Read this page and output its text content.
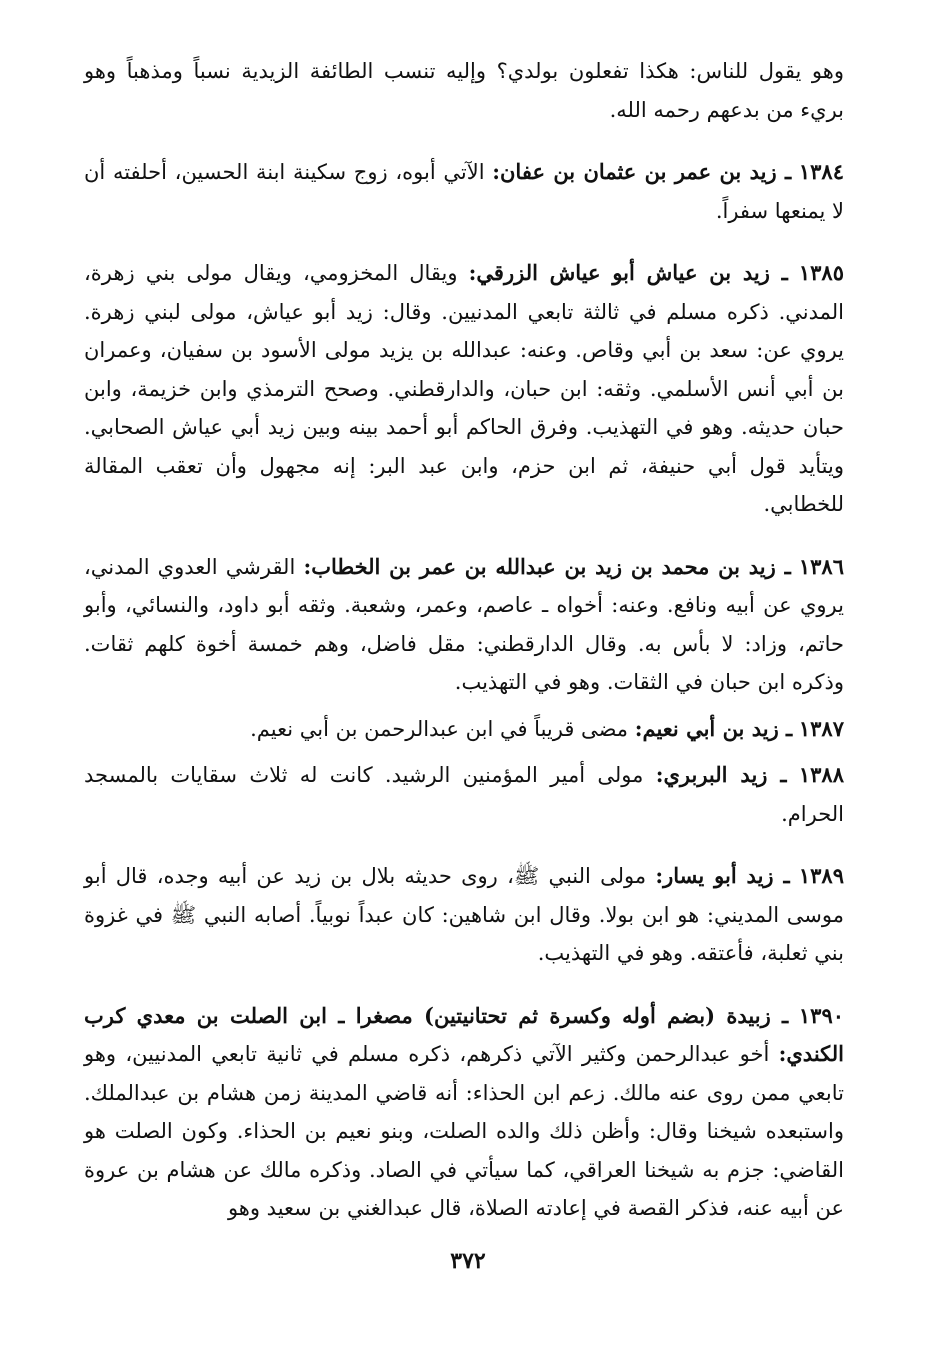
وهو يقول للناس: هكذا تفعلون بولدي؟ وإليه تنسب الطائفة الزيدية نسباً ومذهباً وهو بريء من بدعهم رحمه الله.

١٣٨٤ ـ زيد بن عمر بن عثمان بن عفان: الآتي أبوه، زوج سكينة ابنة الحسين، أحلفته أن لا يمنعها سفراً.

١٣٨٥ ـ زيد بن عياش أبو عياش الزرقي: ويقال المخزومي، ويقال مولى بني زهرة، المدني. ذكره مسلم في ثالثة تابعي المدنيين. وقال: زيد أبو عياش، مولى لبني زهرة. يروي عن: سعد بن أبي وقاص. وعنه: عبدالله بن يزيد مولى الأسود بن سفيان، وعمران بن أبي أنس الأسلمي. وثقه: ابن حبان، والدارقطني. وصحح الترمذي وابن خزيمة، وابن حبان حديثه. وهو في التهذيب. وفرق الحاكم أبو أحمد بينه وبين زيد أبي عياش الصحابي. ويتأيد قول أبي حنيفة، ثم ابن حزم، وابن عبد البر: إنه مجهول وأن تعقب المقالة للخطابي.

١٣٨٦ ـ زيد بن محمد بن زيد بن عبدالله بن عمر بن الخطاب: القرشي العدوي المدني، يروي عن أبيه ونافع. وعنه: أخواه ـ عاصم، وعمر، وشعبة. وثقه أبو داود، والنسائي، وأبو حاتم، وزاد: لا بأس به. وقال الدارقطني: مقل فاضل، وهم خمسة أخوة كلهم ثقات. وذكره ابن حبان في الثقات. وهو في التهذيب.

١٣٨٧ ـ زيد بن أبي نعيم: مضى قريباً في ابن عبدالرحمن بن أبي نعيم.

١٣٨٨ ـ زيد البربري: مولى أمير المؤمنين الرشيد. كانت له ثلاث سقايات بالمسجد الحرام.

١٣٨٩ ـ زيد أبو يسار: مولى النبي ﷺ، روى حديثه بلال بن زيد عن أبيه وجده، قال أبو موسى المديني: هو ابن بولا. وقال ابن شاهين: كان عبداً نوبياً. أصابه النبي ﷺ في غزوة بني ثعلبة، فأعتقه. وهو في التهذيب.

١٣٩٠ ـ زبيدة (بضم أوله وكسرة ثم تحتانيتين) مصغرا ـ ابن الصلت بن معدي كرب الكندي: أخو عبدالرحمن وكثير الآتي ذكرهم، ذكره مسلم في ثانية تابعي المدنيين، وهو تابعي ممن روى عنه مالك. زعم ابن الحذاء: أنه قاضي المدينة زمن هشام بن عبدالملك. واستبعده شيخنا وقال: وأظن ذلك والده الصلت، وبنو نعيم بن الحذاء. وكون الصلت هو القاضي: جزم به شيخنا العراقي، كما سيأتي في الصاد. وذكره مالك عن هشام بن عروة عن أبيه عنه، فذكر القصة في إعادته الصلاة، قال عبدالغني بن سعيد وهو

٣٧٢
